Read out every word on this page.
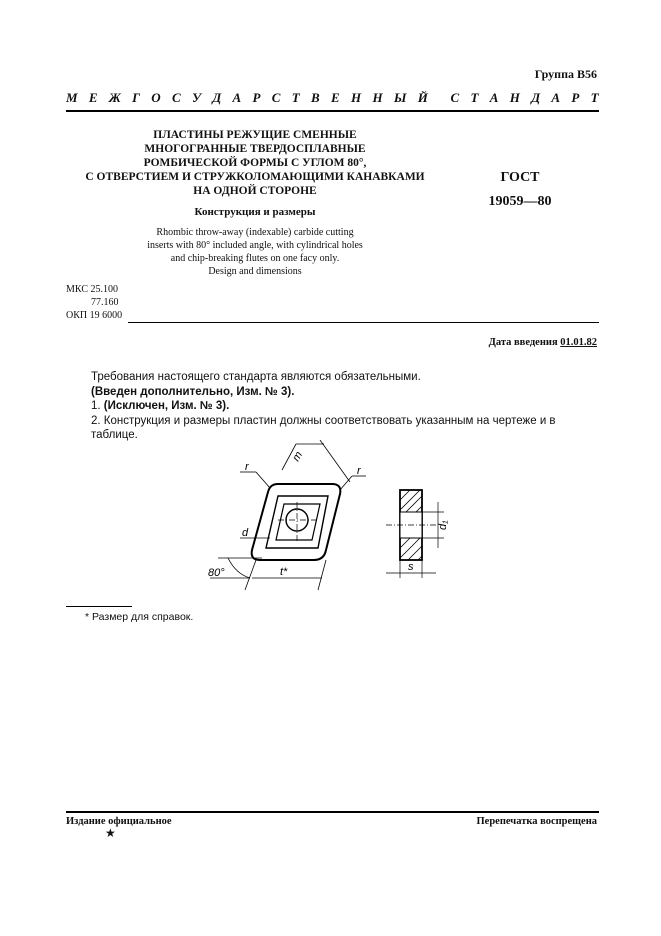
Группа В56
М Е Ж Г О С У Д А Р С Т В Е Н Н Ы Й С Т А Н Д А Р Т
ПЛАСТИНЫ РЕЖУЩИЕ СМЕННЫЕ
МНОГОГРАННЫЕ ТВЕРДОСПЛАВНЫЕ
РОМБИЧЕСКОЙ ФОРМЫ С УГЛОМ 80°,
С ОТВЕРСТИЕМ И СТРУЖКОЛОМАЮЩИМИ КАНАВКАМИ
НА ОДНОЙ СТОРОНЕ
Конструкция и размеры
Rhombic throw-away (indexable) carbide cutting
inserts with 80° included angle, with cylindrical holes
and chip-breaking flutes on one facy only.
Design and dimensions
ГОСТ
19059—80
МКС 25.100
77.160
ОКП 19 6000
Дата введения 01.01.82

Требования настоящего стандарта являются обязательными.

(Введен дополнительно, Изм. № 3).

1. (Исключен, Изм. № 3).

2. Конструкция и размеры пластин должны соответствовать указанным на чертеже и в таблице.

r	r
m
d
t*
80°
d₁
s
* Размер для справок.
Издание официальное	Перепечатка воспрещена
★
